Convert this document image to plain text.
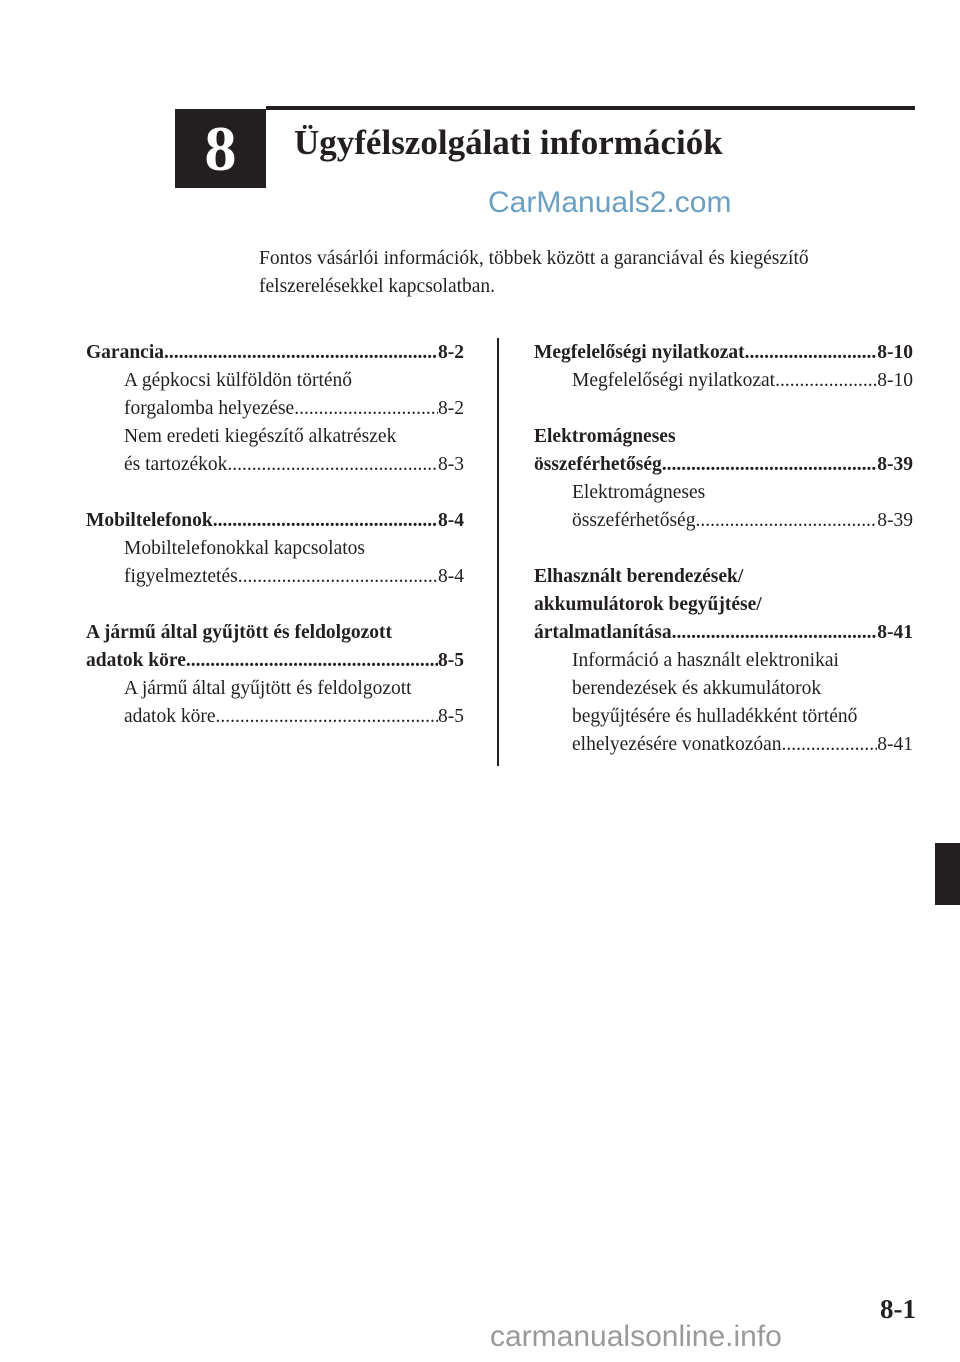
8	Ügyfélszolgálati információk
CarManuals2.com

Fontos vásárlói információk, többek között a garanciával és kiegészítő

felszerelésekkel kapcsolatban.

Garancia .....	8-2
A gépkocsi külföldön történő
forgalomba helyezése .....	8-2
Nem eredeti kiegészítő alkatrészek
és tartozékok .....	8-3
Mobiltelefonok .....	8-4
Mobiltelefonokkal kapcsolatos
figyelmeztetés .....	8-4
A jármű által gyűjtött és feldolgozott
adatok köre .....	8-5
A jármű által gyűjtött és feldolgozott
adatok köre .....	8-5
Megfelelőségi nyilatkozat .....	8-10
Megfelelőségi nyilatkozat .....	8-10
Elektromágneses
összeférhetőség .....	8-39
Elektromágneses
összeférhetőség .....	8-39
Elhasznált berendezések/
akkumulátorok begyűjtése/
ártalmatlanítása .....	8-41
Információ a használt elektronikai
berendezések és akkumulátorok
begyűjtésére és hulladékként történő
elhelyezésére vonatkozóan .....	8-41
8-1
carmanualsonline.info
